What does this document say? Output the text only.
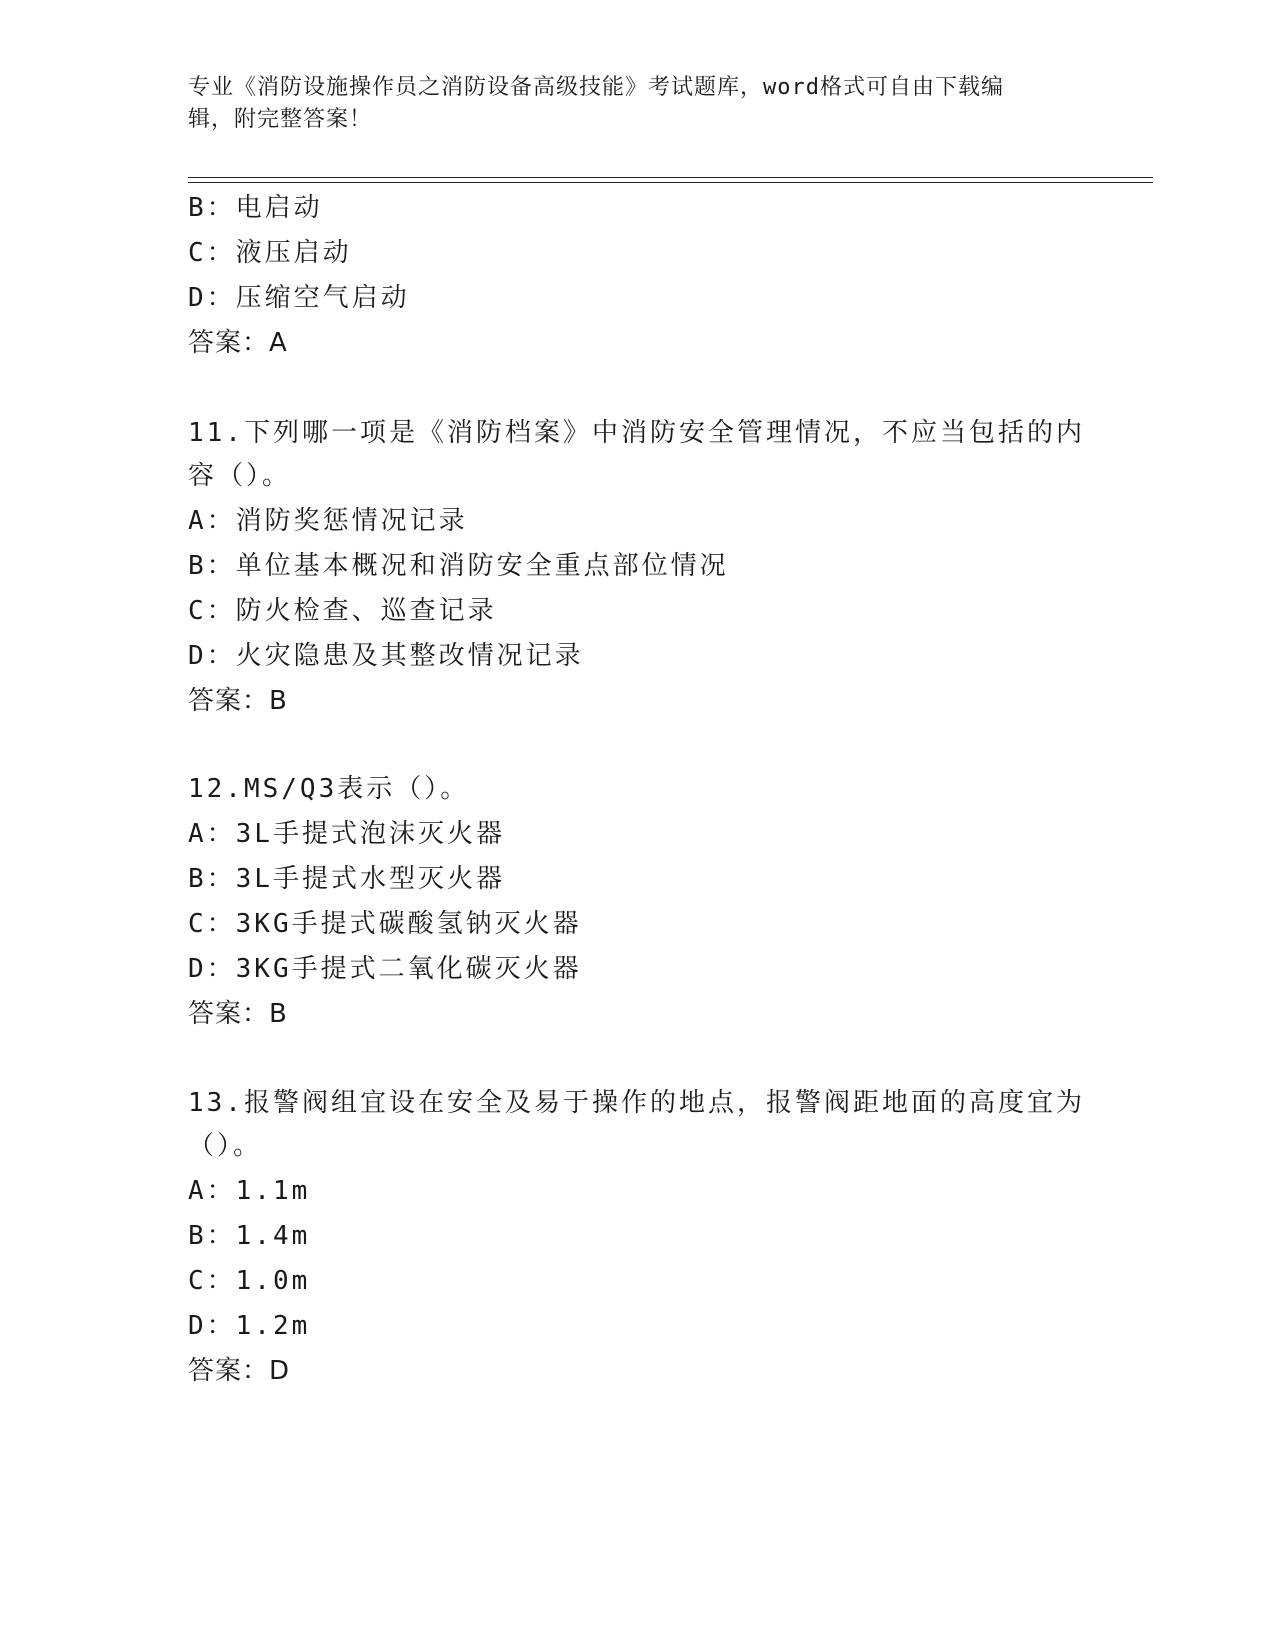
专业《消防设施操作员之消防设备高级技能》考试题库，word格式可自由下载编
辑，附完整答案！
B：电启动
C：液压启动
D：压缩空气启动
答案：A
11.下列哪一项是《消防档案》中消防安全管理情况，不应当包括的内
容（）。
A：消防奖惩情况记录
B：单位基本概况和消防安全重点部位情况
C：防火检查、巡查记录
D：火灾隐患及其整改情况记录
答案：B
12.MS/Q3表示（）。
A：3L手提式泡沫灭火器
B：3L手提式水型灭火器
C：3KG手提式碳酸氢钠灭火器
D：3KG手提式二氧化碳灭火器
答案：B
13.报警阀组宜设在安全及易于操作的地点，报警阀距地面的高度宜为
（）。
A：1.1m
B：1.4m
C：1.0m
D：1.2m
答案：D
